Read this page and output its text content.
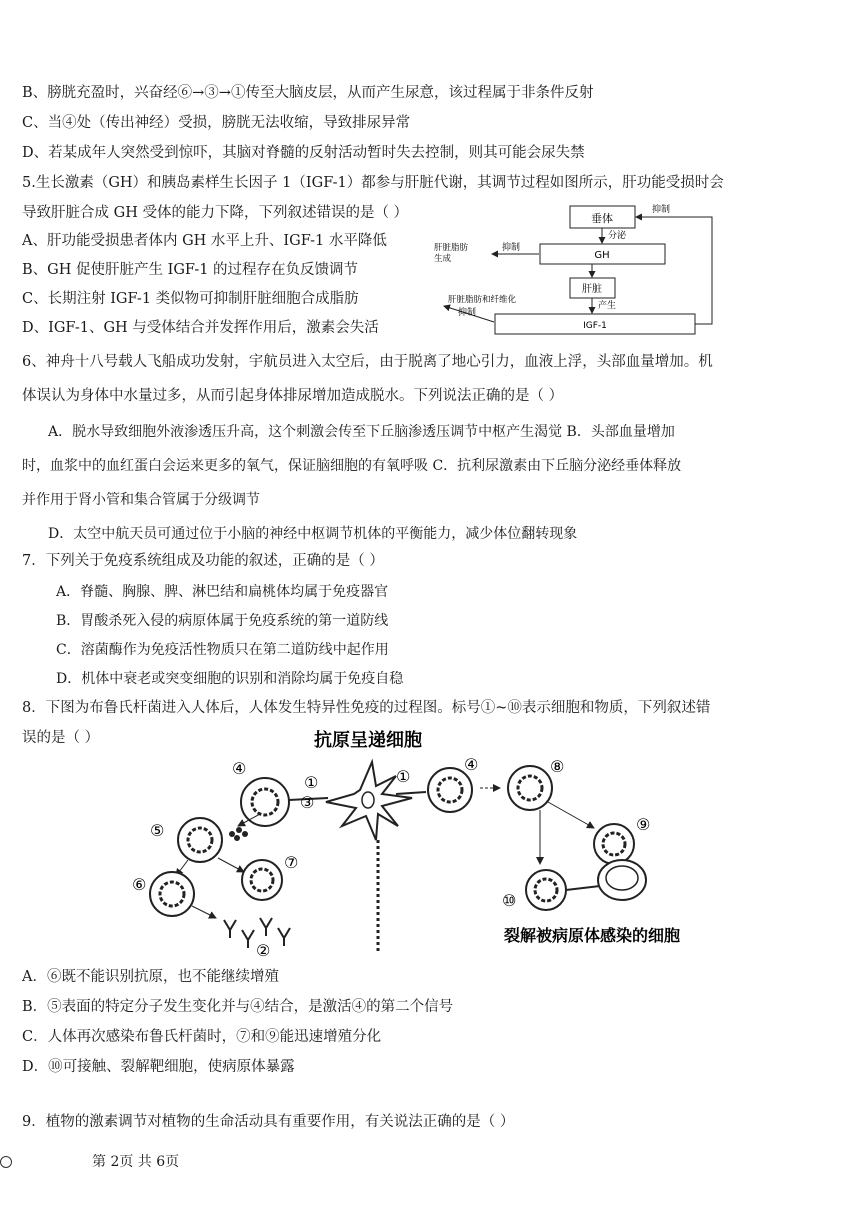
B、膀胱充盈时，兴奋经⑥→③→①传至大脑皮层，从而产生尿意，该过程属于非条件反射
C、当④处（传出神经）受损，膀胱无法收缩，导致排尿异常
D、若某成年人突然受到惊吓，其脑对脊髓的反射活动暂时失去控制，则其可能会尿失禁
5.生长激素（GH）和胰岛素样生长因子 1（IGF-1）都参与肝脏代谢，其调节过程如图所示，肝功能受损时会
导致肝脏合成 GH 受体的能力下降，下列叙述错误的是（ ）
A、肝功能受损患者体内 GH 水平上升、IGF-1 水平降低
B、GH 促使肝脏产生 IGF-1 的过程存在负反馈调节
C、长期注射 IGF-1 类似物可抑制肝脏细胞合成脂肪
D、IGF-1、GH 与受体结合并发挥作用后，激素会失活
垂体
GH
肝脏
IGF-1
分泌
产生
抑制
抑制
肝脏脂肪
生成
肝脏脂肪和纤维化
抑制
6、神舟十八号载人飞船成功发射，宇航员进入太空后，由于脱离了地心引力，血液上浮，头部血量增加。机
体误认为身体中水量过多，从而引起身体排尿增加造成脱水。下列说法正确的是（ ）
A．脱水导致细胞外液渗透压升高，这个刺激会传至下丘脑渗透压调节中枢产生渴觉 B．头部血量增加
时，血浆中的血红蛋白会运来更多的氧气，保证脑细胞的有氧呼吸 C．抗利尿激素由下丘脑分泌经垂体释放
并作用于肾小管和集合管属于分级调节
D．太空中航天员可通过位于小脑的神经中枢调节机体的平衡能力，减少体位翻转现象
7．下列关于免疫系统组成及功能的叙述，正确的是（ ）
A．脊髓、胸腺、脾、淋巴结和扁桃体均属于免疫器官
B．胃酸杀死入侵的病原体属于免疫系统的第一道防线
C．溶菌酶作为免疫活性物质只在第二道防线中起作用
D．机体中衰老或突变细胞的识别和消除均属于免疫自稳
8．下图为布鲁氏杆菌进入人体后，人体发生特异性免疫的过程图。标号①~⑩表示细胞和物质，下列叙述错
误的是（ ）	抗原呈递细胞
④
①
③
①
④	⑧
⑨
⑩
裂解被病原体感染的细胞
⑤
⑦
⑥
②
A．⑥既不能识别抗原，也不能继续增殖
B．⑤表面的特定分子发生变化并与④结合，是激活④的第二个信号
C．人体再次感染布鲁氏杆菌时，⑦和⑨能迅速增殖分化
D．⑩可接触、裂解靶细胞，使病原体暴露
9．植物的激素调节对植物的生命活动具有重要作用，有关说法正确的是（ ）
第 2页 共 6页
